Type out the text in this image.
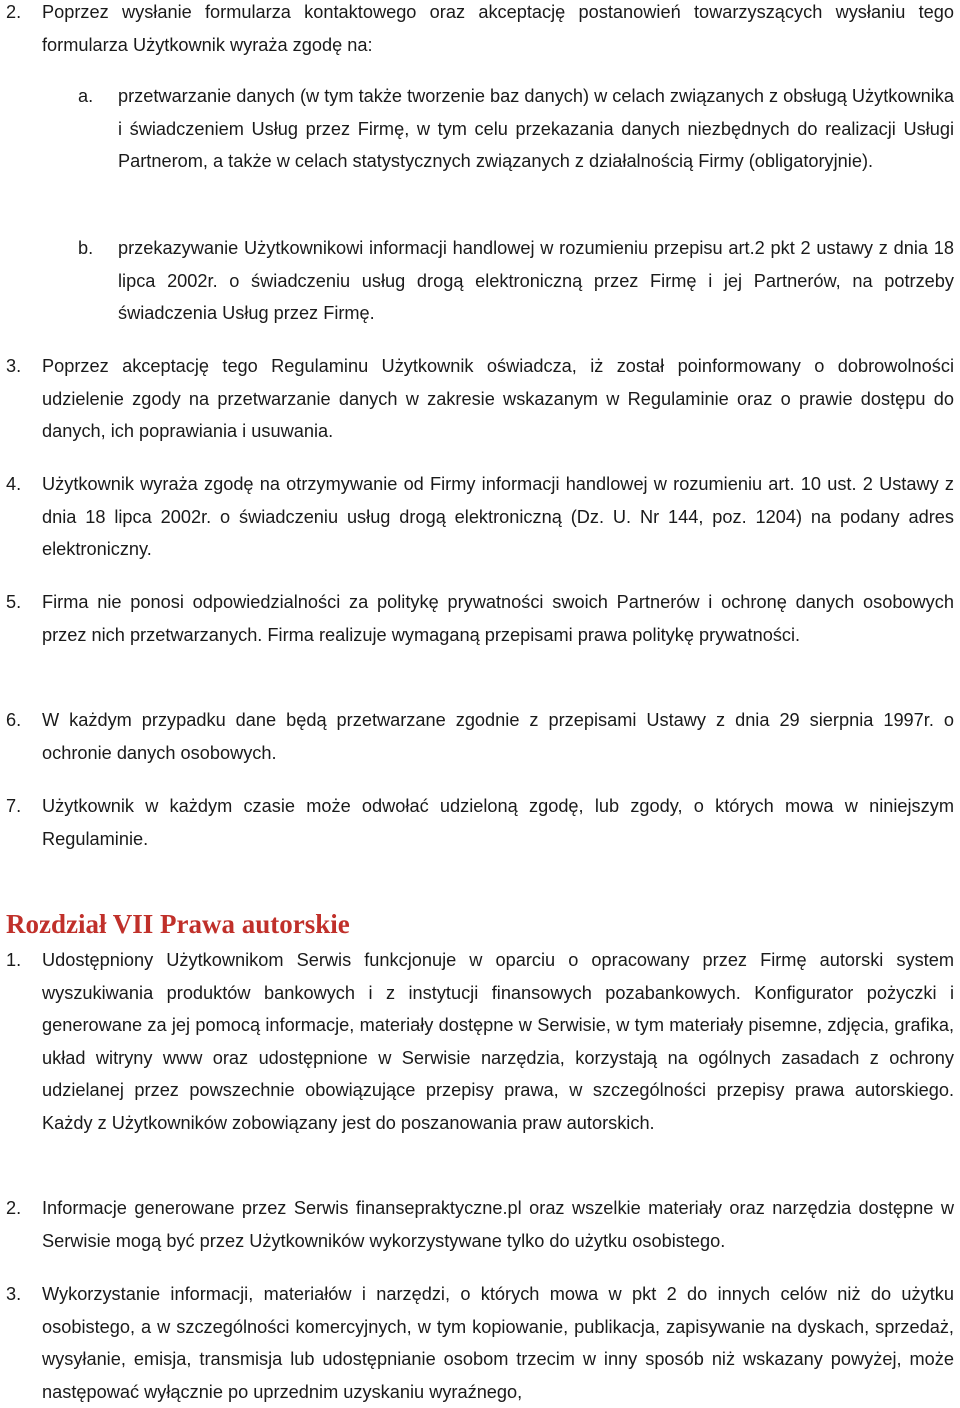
2. Poprzez wysłanie formularza kontaktowego oraz akceptację postanowień towarzyszących wysłaniu tego formularza Użytkownik wyraża zgodę na:
a. przetwarzanie danych (w tym także tworzenie baz danych) w celach związanych z obsługą Użytkownika i świadczeniem Usług przez Firmę, w tym celu przekazania danych niezbędnych do realizacji Usługi Partnerom, a także w celach statystycznych związanych z działalnością Firmy (obligatoryjnie).
b. przekazywanie Użytkownikowi informacji handlowej w rozumieniu przepisu art.2 pkt 2 ustawy z dnia 18 lipca 2002r. o świadczeniu usług drogą elektroniczną przez Firmę i jej Partnerów, na potrzeby świadczenia Usług przez Firmę.
3. Poprzez akceptację tego Regulaminu Użytkownik oświadcza, iż został poinformowany o dobrowolności udzielenie zgody na przetwarzanie danych w zakresie wskazanym w Regulaminie oraz o prawie dostępu do danych, ich poprawiania i usuwania.
4. Użytkownik wyraża zgodę na otrzymywanie od Firmy informacji handlowej w rozumieniu art. 10 ust. 2 Ustawy z dnia 18 lipca 2002r. o świadczeniu usług drogą elektroniczną (Dz. U. Nr 144, poz. 1204) na podany adres elektroniczny.
5. Firma nie ponosi odpowiedzialności za politykę prywatności swoich Partnerów i ochronę danych osobowych przez nich przetwarzanych. Firma realizuje wymaganą przepisami prawa politykę prywatności.
6. W każdym przypadku dane będą przetwarzane zgodnie z przepisami Ustawy z dnia 29 sierpnia 1997r. o ochronie danych osobowych.
7. Użytkownik w każdym czasie może odwołać udzieloną zgodę, lub zgody, o których mowa w niniejszym Regulaminie.
Rozdział VII Prawa autorskie
1. Udostępniony Użytkownikom Serwis funkcjonuje w oparciu o opracowany przez Firmę autorski system wyszukiwania produktów bankowych i z instytucji finansowych pozabankowych. Konfigurator pożyczki i generowane za jej pomocą informacje, materiały dostępne w Serwisie, w tym materiały pisemne, zdjęcia, grafika, układ witryny www oraz udostępnione w Serwisie narzędzia, korzystają na ogólnych zasadach z ochrony udzielanej przez powszechnie obowiązujące przepisy prawa, w szczególności przepisy prawa autorskiego. Każdy z Użytkowników zobowiązany jest do poszanowania praw autorskich.
2. Informacje generowane przez Serwis finansepraktyczne.pl oraz wszelkie materiały oraz narzędzia dostępne w Serwisie mogą być przez Użytkowników wykorzystywane tylko do użytku osobistego.
3. Wykorzystanie informacji, materiałów i narzędzi, o których mowa w pkt 2 do innych celów niż do użytku osobistego, a w szczególności komercyjnych, w tym kopiowanie, publikacja, zapisywanie na dyskach, sprzedaż, wysyłanie, emisja, transmisja lub udostępnianie osobom trzecim w inny sposób niż wskazany powyżej, może następować wyłącznie po uprzednim uzyskaniu wyraźnego,
